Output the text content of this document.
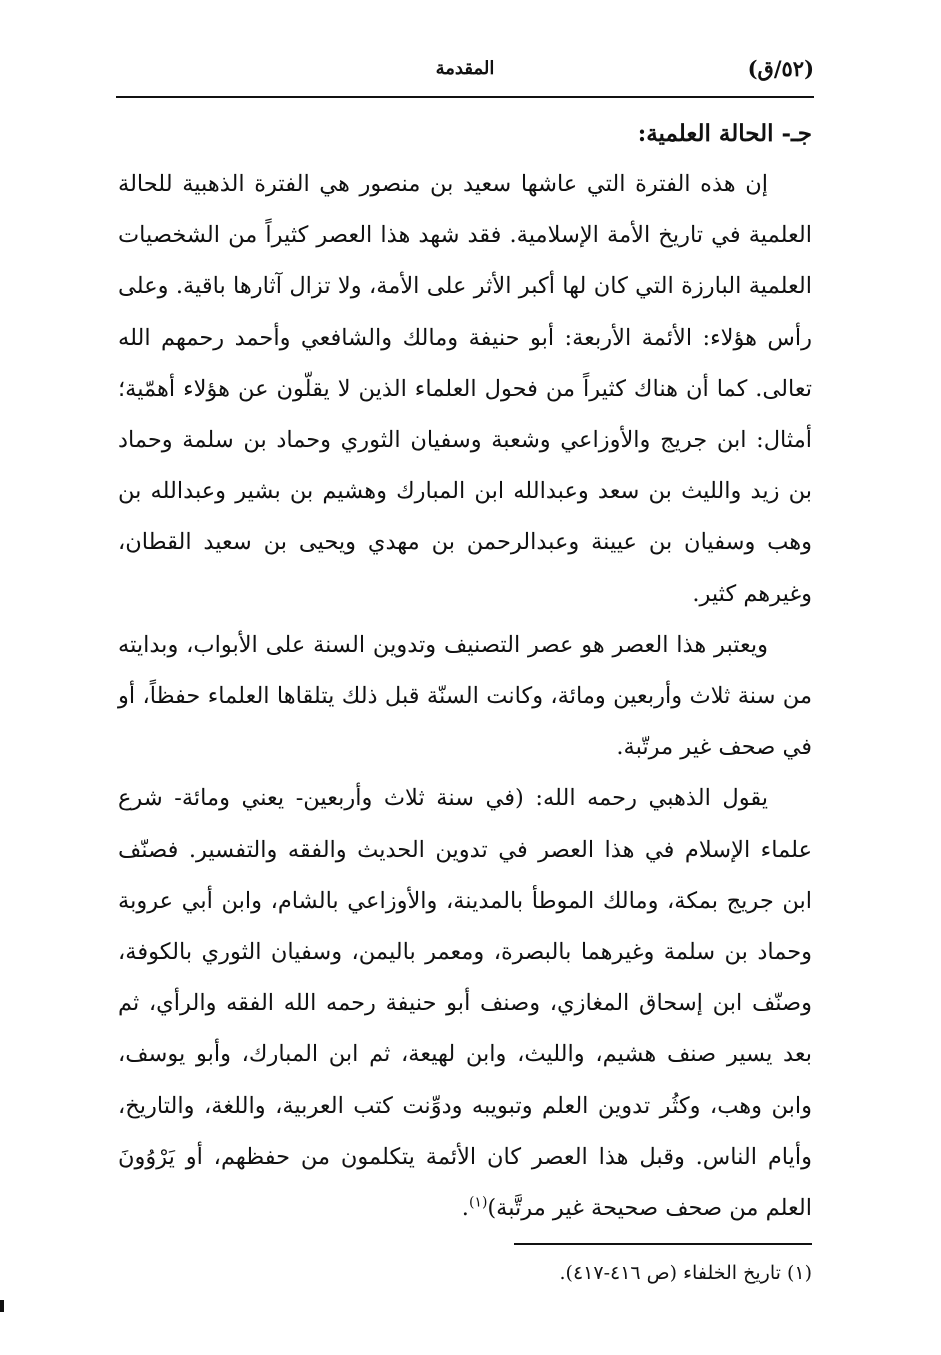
(٥٢/ق)
المقدمة

جـ- الحالة العلمية:

إن هذه الفترة التي عاشها سعيد بن منصور هي الفترة الذهبية للحالة العلمية في تاريخ الأمة الإسلامية. فقد شهد هذا العصر كثيراً من الشخصيات العلمية البارزة التي كان لها أكبر الأثر على الأمة، ولا تزال آثارها باقية. وعلى رأس هؤلاء: الأئمة الأربعة: أبو حنيفة ومالك والشافعي وأحمد رحمهم الله تعالى. كما أن هناك كثيراً من فحول العلماء الذين لا يقلّون عن هؤلاء أهمّية؛ أمثال: ابن جريج والأوزاعي وشعبة وسفيان الثوري وحماد بن سلمة وحماد بن زيد والليث بن سعد وعبدالله ابن المبارك وهشيم بن بشير وعبدالله بن وهب وسفيان بن عيينة وعبدالرحمن بن مهدي ويحيى بن سعيد القطان، وغيرهم كثير.

ويعتبر هذا العصر هو عصر التصنيف وتدوين السنة على الأبواب، وبدايته من سنة ثلاث وأربعين ومائة، وكانت السنّة قبل ذلك يتلقاها العلماء حفظاً، أو في صحف غير مرتّبة.

يقول الذهبي رحمه الله: (في سنة ثلاث وأربعين- يعني ومائة- شرع علماء الإسلام في هذا العصر في تدوين الحديث والفقه والتفسير. فصنّف ابن جريج بمكة، ومالك الموطأ بالمدينة، والأوزاعي بالشام، وابن أبي عروبة وحماد بن سلمة وغيرهما بالبصرة، ومعمر باليمن، وسفيان الثوري بالكوفة، وصنّف ابن إسحاق المغازي، وصنف أبو حنيفة رحمه الله الفقه والرأي، ثم بعد يسير صنف هشيم، والليث، وابن لهيعة، ثم ابن المبارك، وأبو يوسف، وابن وهب، وكثُر تدوين العلم وتبويبه ودوِّنت كتب العربية، واللغة، والتاريخ، وأيام الناس. وقبل هذا العصر كان الأئمة يتكلمون من حفظهم، أو يَرْوُونَ العلم من صحف صحيحة غير مرتَّبة)$^{(١)}$.

(١) تاريخ الخلفاء (ص ٤١٦-٤١٧).
